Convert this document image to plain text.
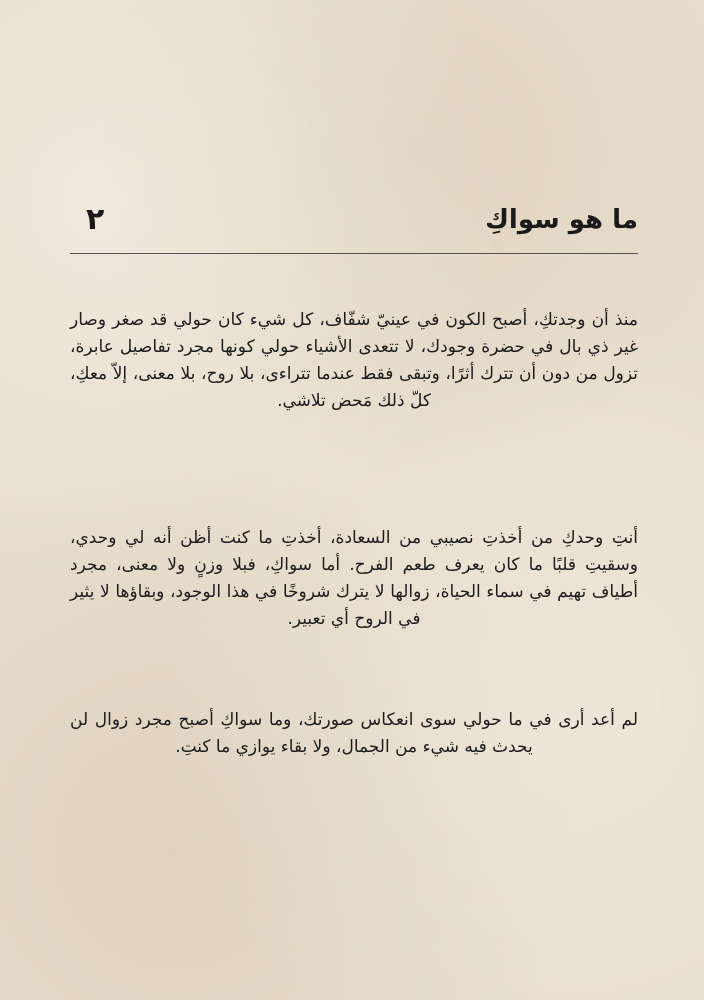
ما هو سواكِ
٢

منذ أن وجدتكِ، أصبح الكون في عينيّ شفّاف، كل شيء كان حولي قد صغر وصار غير ذي بال في حضرة وجودك، لا تتعدى الأشياء حولي كونها مجرد تفاصيل عابرة، تزول من دون أن تترك أثرًا، وتبقى فقط عندما تتراءى، بلا روح، بلا معنى، إلاّ معكِ، كلّ ذلك مَحض تلاشي.

أنتِ وحدكِ من أخذتِ نصيبي من السعادة، أخذتِ ما كنت أظن أنه لي وحدي، وسقيتِ قلبًا ما كان يعرف طعم الفرح. أما سواكِ، فبلا وزنٍ ولا معنى، مجرد أطياف تهيم في سماء الحياة، زوالها لا يترك شروخًا في هذا الوجود، وبقاؤها لا يثير في الروح أي تعبير.

لم أعد أرى في ما حولي سوى انعكاس صورتك، وما سواكِ أصبح مجرد زوال لن يحدث فيه شيء من الجمال، ولا بقاء يوازي ما كنتِ.
